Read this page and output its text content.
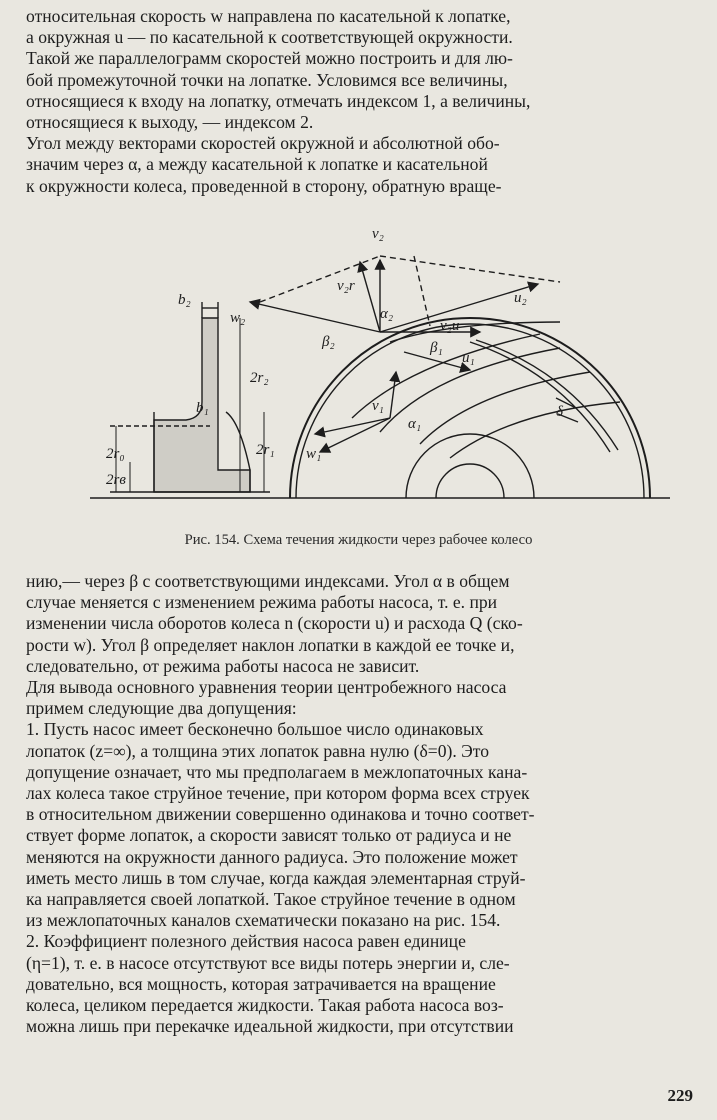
относительная скорость w направлена по касательной к лопатке,
а окружная u — по касательной к соответствующей окружности.
Такой же параллелограмм скоростей можно построить и для лю-
бой промежуточной точки на лопатке. Условимся все величины,
относящиеся к входу на лопатку, отмечать индексом 1, а величины,
относящиеся к выходу, — индексом 2.
Угол между векторами скоростей окружной и абсолютной обо-
значим через α, а между касательной к лопатке и касательной
к окружности колеса, проведенной в сторону, обратную враще-
v₂
v₂r
w₂
u₂
α₂
v₂u
β₂
b₂
β₁
u₁
b₁
2r₂
2r₁
2r₀
2rв
v₁
α₁
w₁
δ
Рис. 154. Схема течения жидкости через рабочее колесо
нию,— через β с соответствующими индексами. Угол α в общем
случае меняется с изменением режима работы насоса, т. е. при
изменении числа оборотов колеса n (скорости u) и расхода Q (ско-
рости w). Угол β определяет наклон лопатки в каждой ее точке и,
следовательно, от режима работы насоса не зависит.
Для вывода основного уравнения теории центробежного насоса
примем следующие два допущения:
1. Пусть насос имеет бесконечно большое число одинаковых
лопаток (z=∞), а толщина этих лопаток равна нулю (δ=0). Это
допущение означает, что мы предполагаем в межлопаточных кана-
лах колеса такое струйное течение, при котором форма всех струек
в относительном движении совершенно одинакова и точно соответ-
ствует форме лопаток, а скорости зависят только от радиуса и не
меняются на окружности данного радиуса. Это положение может
иметь место лишь в том случае, когда каждая элементарная струй-
ка направляется своей лопаткой. Такое струйное течение в одном
из межлопаточных каналов схематически показано на рис. 154.
2. Коэффициент полезного действия насоса равен единице
(η=1), т. е. в насосе отсутствуют все виды потерь энергии и, сле-
довательно, вся мощность, которая затрачивается на вращение
колеса, целиком передается жидкости. Такая работа насоса воз-
можна лишь при перекачке идеальной жидкости, при отсутствии
229
